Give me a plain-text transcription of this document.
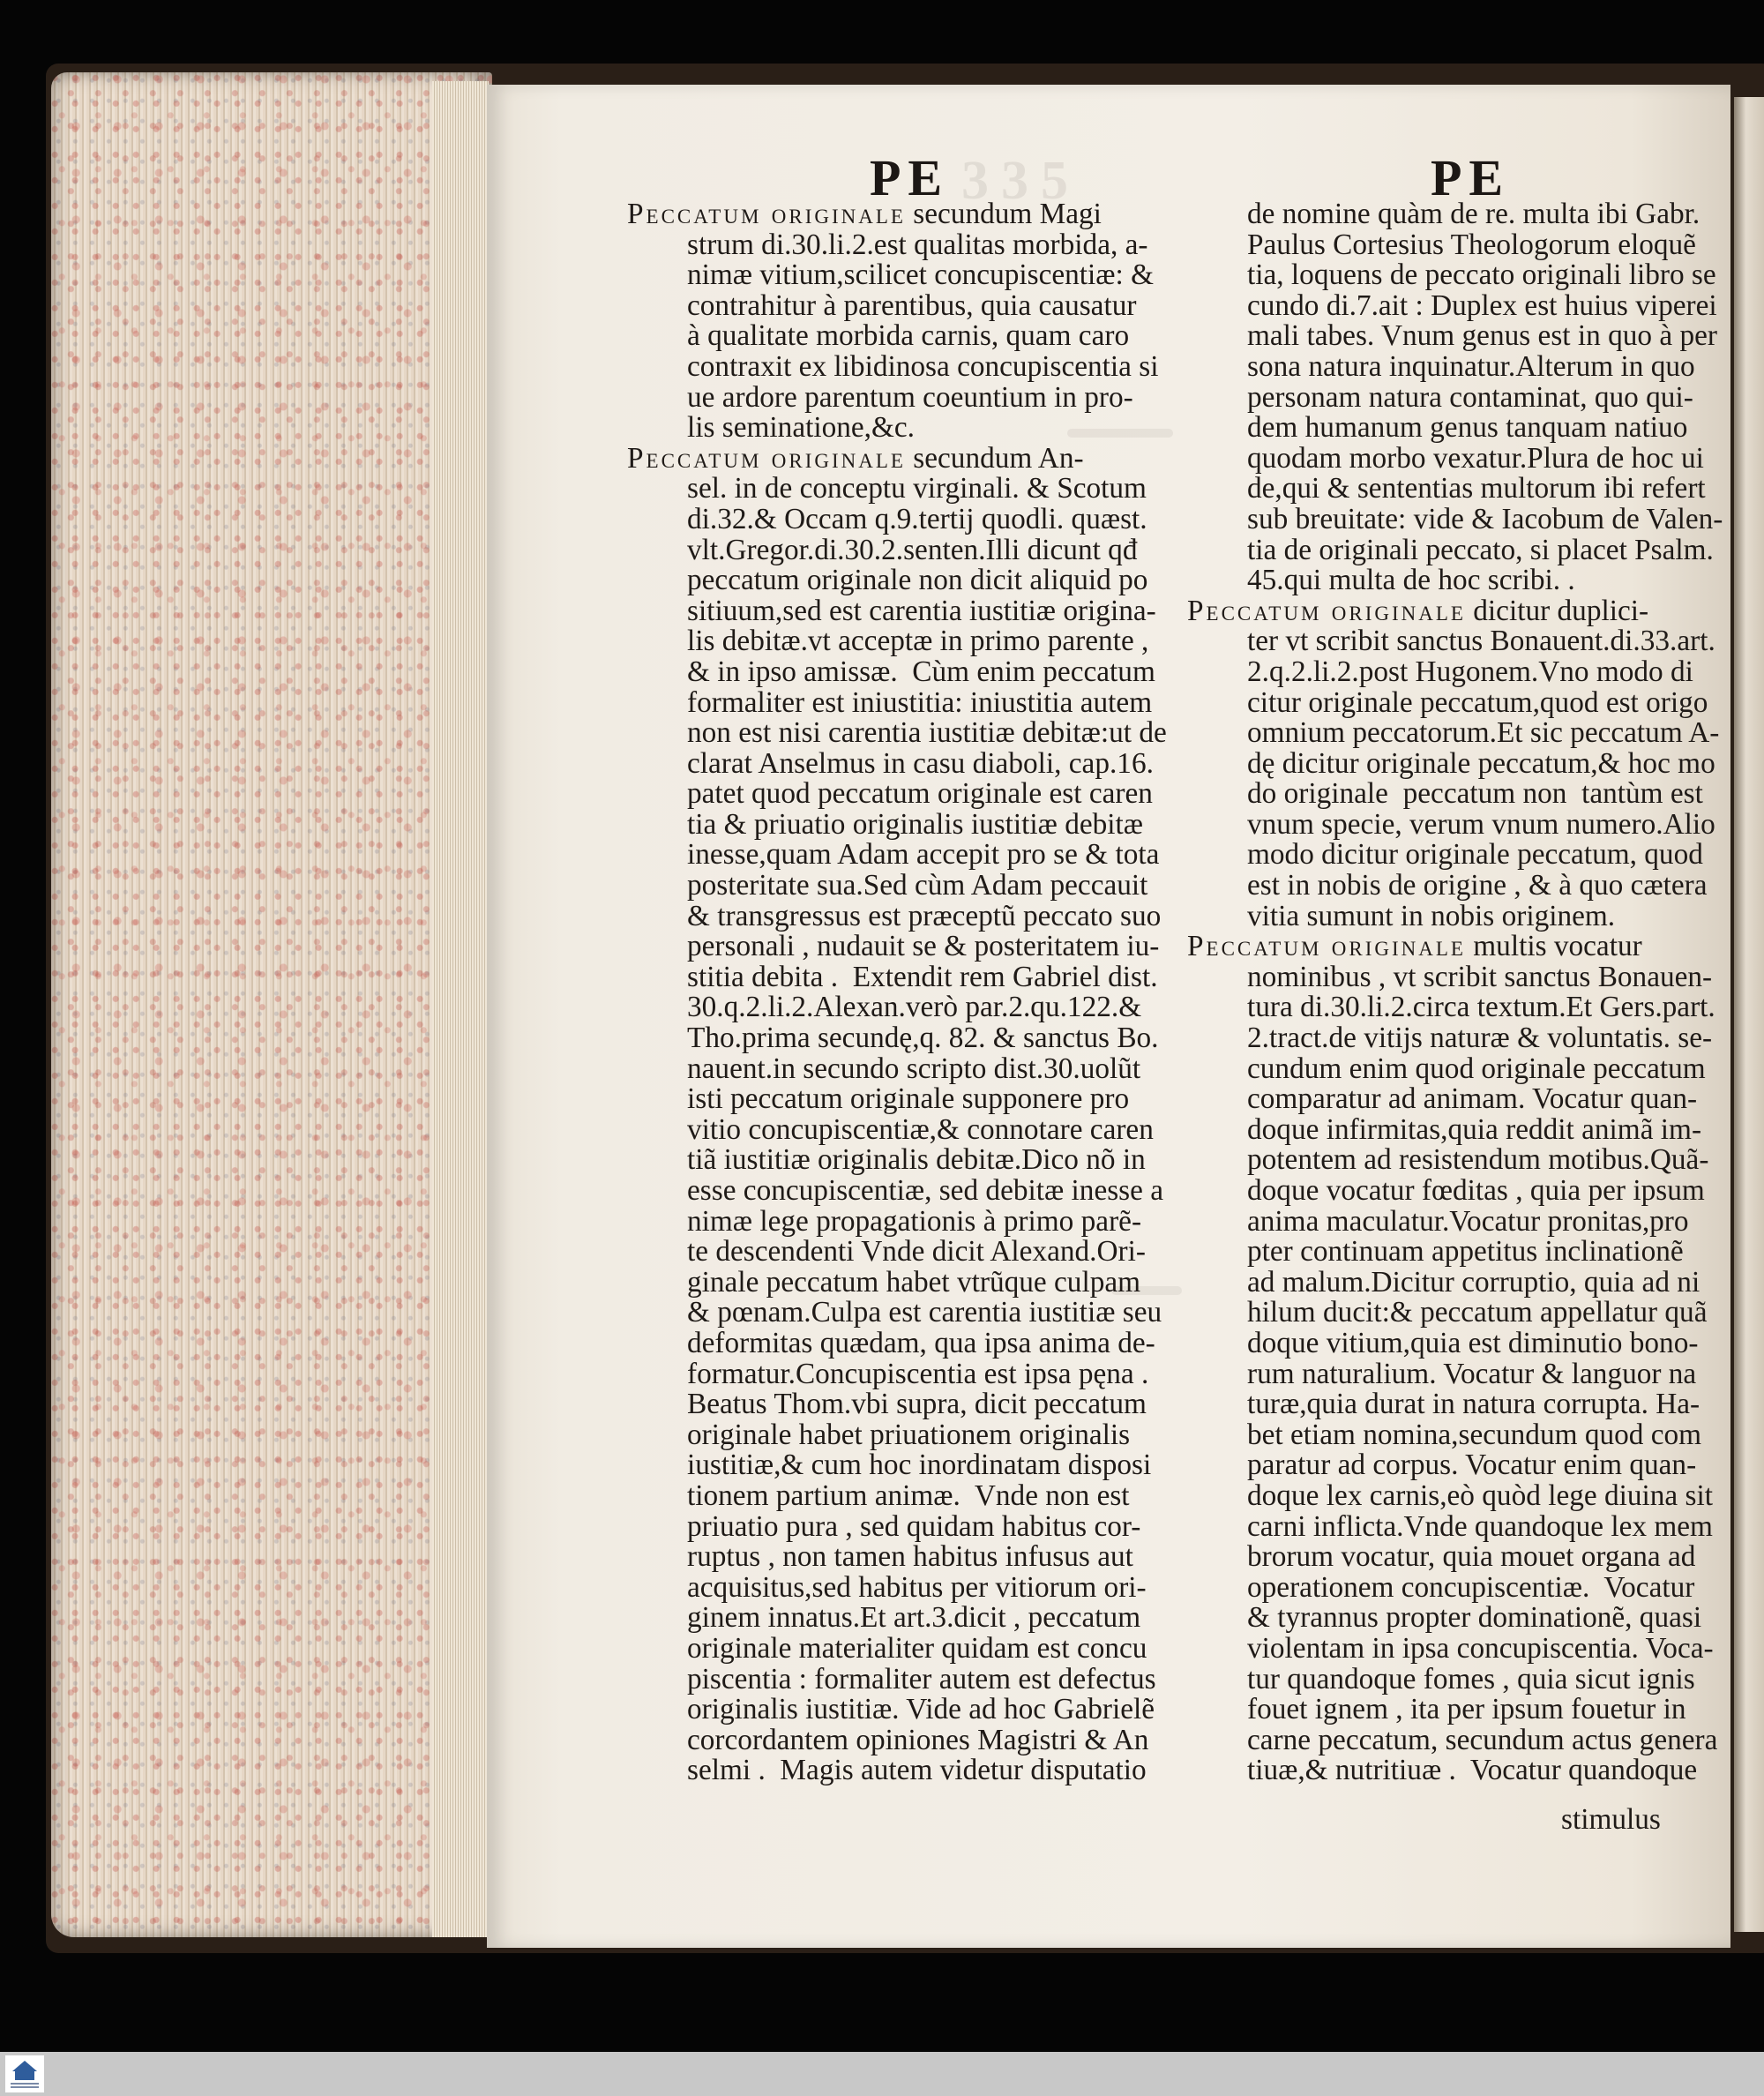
335
PE	PE
Peccatum originale secundum Magi
strum di.30.li.2.est qualitas morbida, a-
nimæ vitium,scilicet concupiscentiæ: &
contrahitur à parentibus, quia causatur
à qualitate morbida carnis, quam caro
contraxit ex libidinosa concupiscentia si
ue ardore parentum coeuntium in pro-
lis seminatione,&c.
Peccatum originale secundum An-
sel. in de conceptu virginali. & Scotum
di.32.& Occam q.9.tertij quodli. quæst.
vlt.Gregor.di.30.2.senten.Illi dicunt qđ
peccatum originale non dicit aliquid po
sitiuum,sed est carentia iustitiæ origina-
lis debitæ.vt acceptæ in primo parente ,
& in ipso amissæ.  Cùm enim peccatum
formaliter est iniustitia: iniustitia autem
non est nisi carentia iustitiæ debitæ:ut de
clarat Anselmus in casu diaboli, cap.16.
patet quod peccatum originale est caren
tia & priuatio originalis iustitiæ debitæ
inesse,quam Adam accepit pro se & tota
posteritate sua.Sed cùm Adam peccauit
& transgressus est præceptũ peccato suo
personali , nudauit se & posteritatem iu-
stitia debita .  Extendit rem Gabriel dist.
30.q.2.li.2.Alexan.verò par.2.qu.122.&
Tho.prima secundę,q. 82. & sanctus Bo.
nauent.in secundo scripto dist.30.uolũt
isti peccatum originale supponere pro
vitio concupiscentiæ,& connotare caren
tiã iustitiæ originalis debitæ.Dico nõ in
esse concupiscentiæ, sed debitæ inesse a
nimæ lege propagationis à primo parẽ-
te descendenti Vnde dicit Alexand.Ori-
ginale peccatum habet vtrũque culpam
& pœnam.Culpa est carentia iustitiæ seu
deformitas quædam, qua ipsa anima de-
formatur.Concupiscentia est ipsa pęna .
Beatus Thom.vbi supra, dicit peccatum
originale habet priuationem originalis
iustitiæ,& cum hoc inordinatam disposi
tionem partium animæ.  Vnde non est
priuatio pura , sed quidam habitus cor-
ruptus , non tamen habitus infusus aut
acquisitus,sed habitus per vitiorum ori-
ginem innatus.Et art.3.dicit , peccatum
originale materialiter quidam est concu
piscentia : formaliter autem est defectus
originalis iustitiæ. Vide ad hoc Gabrielẽ
corcordantem opiniones Magistri & An
selmi .  Magis autem videtur disputatio
de nomine quàm de re. multa ibi Gabr.
Paulus Cortesius Theologorum eloquẽ
tia, loquens de peccato originali libro se
cundo di.7.ait : Duplex est huius viperei
mali tabes. Vnum genus est in quo à per
sona natura inquinatur.Alterum in quo
personam natura contaminat, quo qui-
dem humanum genus tanquam natiuo
quodam morbo vexatur.Plura de hoc ui
de,qui & sententias multorum ibi refert
sub breuitate: vide & Iacobum de Valen-
tia de originali peccato, si placet Psalm.
45.qui multa de hoc scribi. .
Peccatum originale dicitur duplici-
ter vt scribit sanctus Bonauent.di.33.art.
2.q.2.li.2.post Hugonem.Vno modo di
citur originale peccatum,quod est origo
omnium peccatorum.Et sic peccatum A-
dę dicitur originale peccatum,& hoc mo
do originale  peccatum non  tantùm est
vnum specie, verum vnum numero.Alio
modo dicitur originale peccatum, quod
est in nobis de origine , & à quo cætera
vitia sumunt in nobis originem.
Peccatum originale multis vocatur
nominibus , vt scribit sanctus Bonauen-
tura di.30.li.2.circa textum.Et Gers.part.
2.tract.de vitijs naturæ & voluntatis. se-
cundum enim quod originale peccatum
comparatur ad animam. Vocatur quan-
doque infirmitas,quia reddit animã im-
potentem ad resistendum motibus.Quã-
doque vocatur fœditas , quia per ipsum
anima maculatur.Vocatur pronitas,pro
pter continuam appetitus inclinationẽ
ad malum.Dicitur corruptio, quia ad ni
hilum ducit:& peccatum appellatur quã
doque vitium,quia est diminutio bono-
rum naturalium. Vocatur & languor na
turæ,quia durat in natura corrupta. Ha-
bet etiam nomina,secundum quod com
paratur ad corpus. Vocatur enim quan-
doque lex carnis,eò quòd lege diuina sit
carni inflicta.Vnde quandoque lex mem
brorum vocatur, quia mouet organa ad
operationem concupiscentiæ.  Vocatur
& tyrannus propter dominationẽ, quasi
violentam in ipsa concupiscentia. Voca-
tur quandoque fomes , quia sicut ignis
fouet ignem , ita per ipsum fouetur in
carne peccatum, secundum actus genera
tiuæ,& nutritiuæ .  Vocatur quandoque
stimulus
